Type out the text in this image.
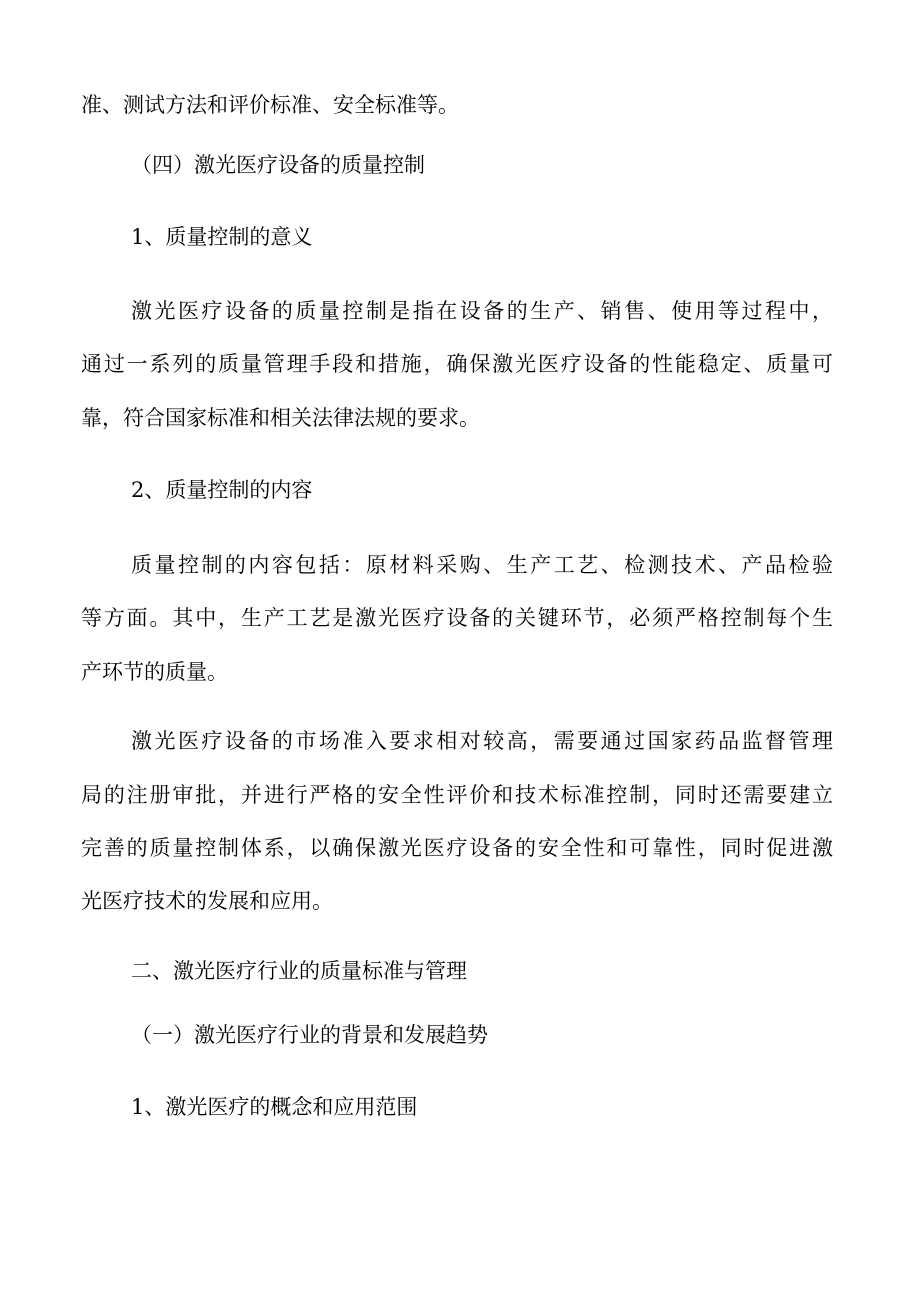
准、测试方法和评价标准、安全标准等。

（四）激光医疗设备的质量控制

1、质量控制的意义

激光医疗设备的质量控制是指在设备的生产、销售、使用等过程中，

通过一系列的质量管理手段和措施，确保激光医疗设备的性能稳定、质量可

靠，符合国家标准和相关法律法规的要求。

2、质量控制的内容

质量控制的内容包括：原材料采购、生产工艺、检测技术、产品检验

等方面。其中，生产工艺是激光医疗设备的关键环节，必须严格控制每个生

产环节的质量。

激光医疗设备的市场准入要求相对较高，需要通过国家药品监督管理

局的注册审批，并进行严格的安全性评价和技术标准控制，同时还需要建立

完善的质量控制体系，以确保激光医疗设备的安全性和可靠性，同时促进激

光医疗技术的发展和应用。

二、激光医疗行业的质量标准与管理

（一）激光医疗行业的背景和发展趋势

1、激光医疗的概念和应用范围
